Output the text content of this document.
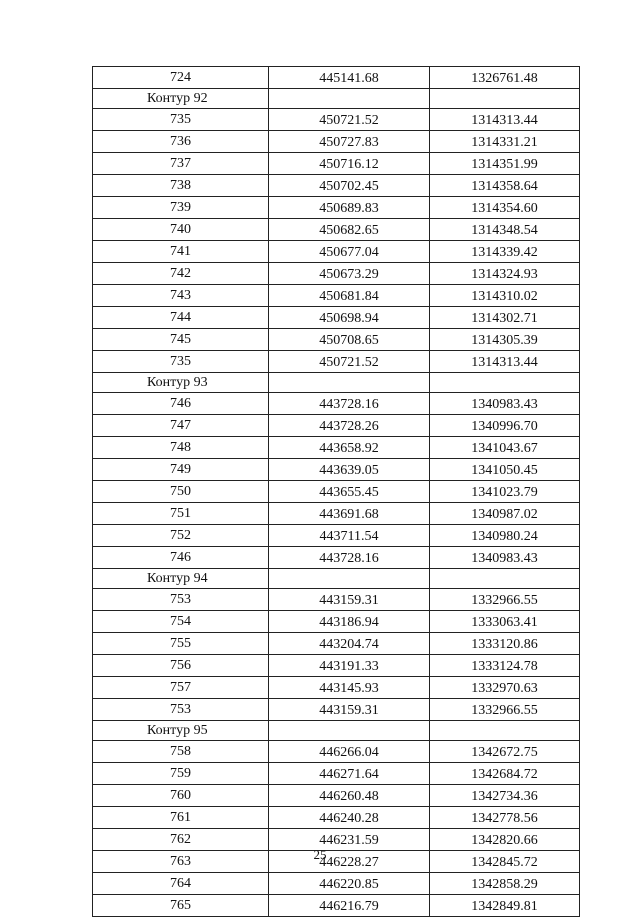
724	445141.68	1326761.48
Контур 92		
735	450721.52	1314313.44
736	450727.83	1314331.21
737	450716.12	1314351.99
738	450702.45	1314358.64
739	450689.83	1314354.60
740	450682.65	1314348.54
741	450677.04	1314339.42
742	450673.29	1314324.93
743	450681.84	1314310.02
744	450698.94	1314302.71
745	450708.65	1314305.39
735	450721.52	1314313.44
Контур 93		
746	443728.16	1340983.43
747	443728.26	1340996.70
748	443658.92	1341043.67
749	443639.05	1341050.45
750	443655.45	1341023.79
751	443691.68	1340987.02
752	443711.54	1340980.24
746	443728.16	1340983.43
Контур 94		
753	443159.31	1332966.55
754	443186.94	1333063.41
755	443204.74	1333120.86
756	443191.33	1333124.78
757	443145.93	1332970.63
753	443159.31	1332966.55
Контур 95		
758	446266.04	1342672.75
759	446271.64	1342684.72
760	446260.48	1342734.36
761	446240.28	1342778.56
762	446231.59	1342820.66
763	446228.27	1342845.72
764	446220.85	1342858.29
765	446216.79	1342849.81
25
